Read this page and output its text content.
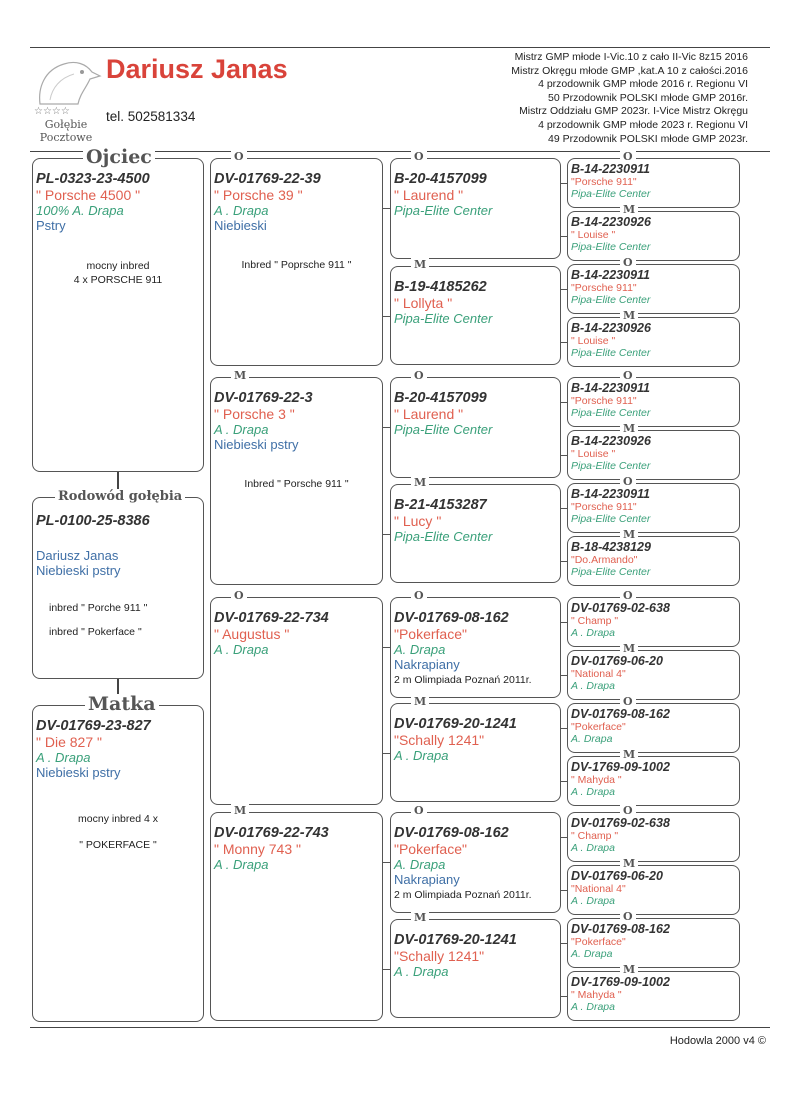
☆☆☆☆
Gołębie
Pocztowe
Dariusz Janas
tel. 502581334
Mistrz GMP młode I-Vic.10 z cało II-Vic 8z15 2016
Mistrz Okręgu młode GMP ,kat.A 10 z całości.2016
4 przodownik GMP młode 2016 r. Regionu VI
50 Przodownik POLSKI młode GMP 2016r.
Mistrz Oddziału GMP 2023r. I-Vice Mistrz Okręgu
4 przodownik GMP młode 2023 r. Regionu VI
49 Przodownik POLSKI młode GMP 2023r.
Ojciec
PL-0323-23-4500
" Porsche 4500 "
100% A. Drapa
Pstry
mocny inbred
4 x PORSCHE 911
Rodowód gołębia
PL-0100-25-8386
Dariusz Janas
Niebieski pstry
inbred " Porche 911 "
inbred " Pokerface "
Matka
DV-01769-23-827
" Die 827 "
A . Drapa
Niebieski pstry
mocny inbred 4 x
" POKERFACE "
O
DV-01769-22-39
" Porsche 39 "
A . Drapa
Niebieski
Inbred " Poprsche 911 "
M
DV-01769-22-3
" Porsche 3 "
A . Drapa
Niebieski pstry
Inbred " Porsche 911 "
O
DV-01769-22-734
" Augustus "
A . Drapa
M
DV-01769-22-743
" Monny 743 "
A . Drapa
O
B-20-4157099
" Laurend "
Pipa-Elite Center
M
B-19-4185262
" Lollyta "
Pipa-Elite Center
O
B-20-4157099
" Laurend "
Pipa-Elite Center
M
B-21-4153287
" Lucy "
Pipa-Elite Center
O
DV-01769-08-162
"Pokerface"
A. Drapa
Nakrapiany
2 m Olimpiada Poznań 2011r.
M
DV-01769-20-1241
"Schally 1241"
A . Drapa
O
DV-01769-08-162
"Pokerface"
A. Drapa
Nakrapiany
2 m Olimpiada Poznań 2011r.
M
DV-01769-20-1241
"Schally 1241"
A . Drapa
O
B-14-2230911
"Porsche 911"
Pipa-Elite Center
M
B-14-2230926
" Louise "
Pipa-Elite Center
O
B-14-2230911
"Porsche 911"
Pipa-Elite Center
M
B-14-2230926
" Louise "
Pipa-Elite Center
O
B-14-2230911
"Porsche 911"
Pipa-Elite Center
M
B-14-2230926
" Louise "
Pipa-Elite Center
O
B-14-2230911
"Porsche 911"
Pipa-Elite Center
M
B-18-4238129
"Do.Armando"
Pipa-Elite Center
O
DV-01769-02-638
" Champ "
A . Drapa
M
DV-01769-06-20
"National 4"
A . Drapa
O
DV-01769-08-162
"Pokerface"
A. Drapa
M
DV-1769-09-1002
" Mahyda "
A . Drapa
O
DV-01769-02-638
" Champ "
A . Drapa
M
DV-01769-06-20
"National 4"
A . Drapa
O
DV-01769-08-162
"Pokerface"
A. Drapa
M
DV-1769-09-1002
" Mahyda "
A . Drapa
Hodowla 2000 v4 ©
